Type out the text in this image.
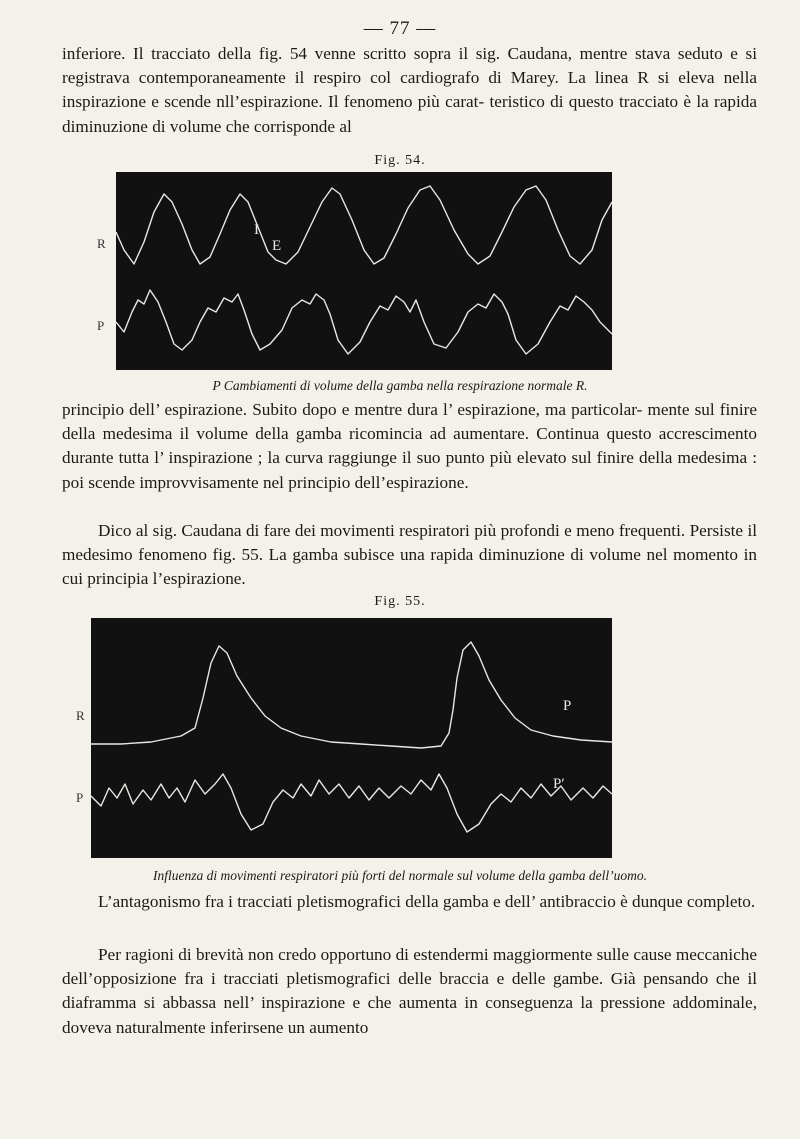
— 77 —

inferiore. Il tracciato della fig. 54 venne scritto sopra il sig. Caudana, mentre stava seduto e si registrava contemporaneamente il respiro col cardiografo di Marey. La linea R si eleva nella inspirazione e scende nll’espirazione. Il fenomeno più carat- teristico di questo tracciato è la rapida diminuzione di volume che corrisponde al

Fig. 54.
R
P
I
E
P Cambiamenti di volume della gamba nella respirazione normale R.

principio dell’ espirazione. Subito dopo e mentre dura l’ espirazione, ma particolar- mente sul finire della medesima il volume della gamba ricomincia ad aumentare. Continua questo accrescimento durante tutta l’ inspirazione ; la curva raggiunge il suo punto più elevato sul finire della medesima : poi scende improvvisamente nel principio dell’espirazione.

Dico al sig. Caudana di fare dei movimenti respiratori più profondi e meno frequenti. Persiste il medesimo fenomeno fig. 55. La gamba subisce una rapida diminuzione di volume nel momento in cui principia l’espirazione.

Fig. 55.
R
P
P
P′
Influenza di movimenti respiratori più forti del normale sul volume della gamba dell’uomo.

L’antagonismo fra i tracciati pletismografici della gamba e dell’ antibraccio è dunque completo.

Per ragioni di brevità non credo opportuno di estendermi maggiormente sulle cause meccaniche dell’opposizione fra i tracciati pletismografici delle braccia e delle gambe. Già pensando che il diaframma si abbassa nell’ inspirazione e che aumenta in conseguenza la pressione addominale, doveva naturalmente inferirsene un aumento
